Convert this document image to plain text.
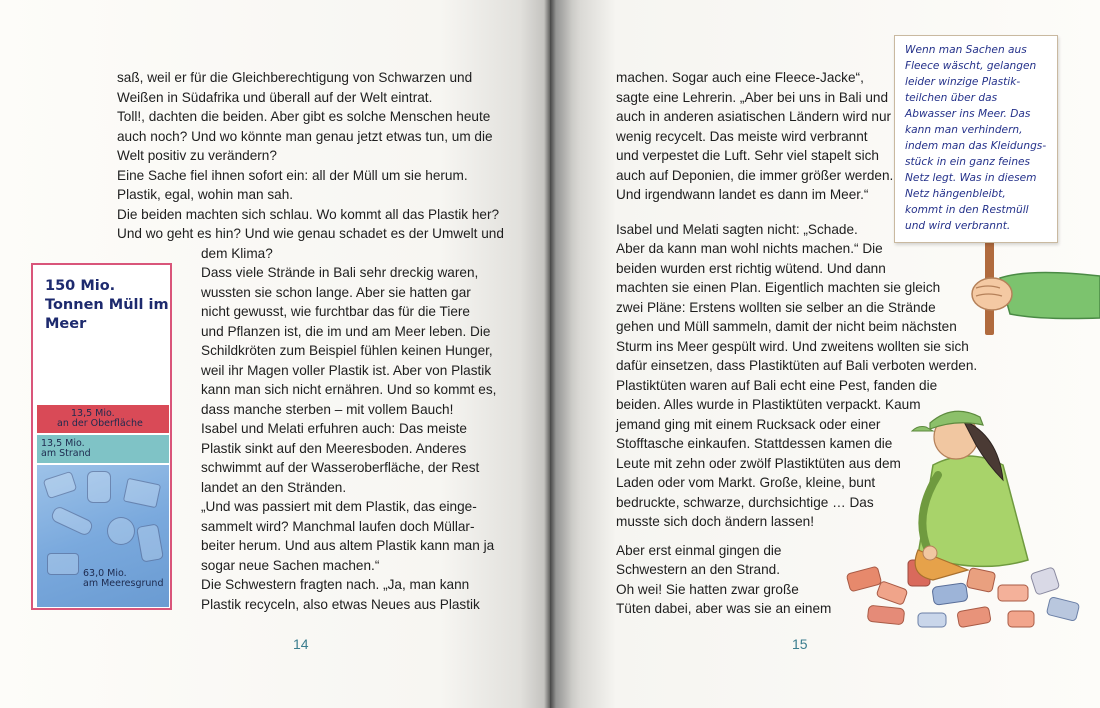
saß, weil er für die Gleichberechtigung von Schwarzen und
Weißen in Südafrika und überall auf der Welt eintrat.
Toll!, dachten die beiden. Aber gibt es solche Menschen heute
auch noch? Und wo könnte man genau jetzt etwas tun, um die
Welt positiv zu verändern?
Eine Sache fiel ihnen sofort ein: all der Müll um sie herum.
Plastik, egal, wohin man sah.
Die beiden machten sich schlau. Wo kommt all das Plastik her?
Und wo geht es hin? Und wie genau schadet es der Umwelt und
dem Klima?
Dass viele Strände in Bali sehr dreckig waren,
wussten sie schon lange. Aber sie hatten gar
nicht gewusst, wie furchtbar das für die Tiere
und Pflanzen ist, die im und am Meer leben. Die
Schildkröten zum Beispiel fühlen keinen Hunger,
weil ihr Magen voller Plastik ist. Aber von Plastik
kann man sich nicht ernähren. Und so kommt es,
dass manche sterben – mit vollem Bauch!
Isabel und Melati erfuhren auch: Das meiste
Plastik sinkt auf den Meeresboden. Anderes
schwimmt auf der Wasseroberfläche, der Rest
landet an den Stränden.
„Und was passiert mit dem Plastik, das einge-
sammelt wird? Manchmal laufen doch Müllar-
beiter herum. Und aus altem Plastik kann man ja
sogar neue Sachen machen.“
Die Schwestern fragten nach. „Ja, man kann
Plastik recyceln, also etwas Neues aus Plastik
14
150 Mio. Tonnen Müll im Meer
13,5 Mio.
an der Oberfläche
13,5 Mio.
am Strand
63,0 Mio.
am Meeresgrund
machen. Sogar auch eine Fleece-Jacke“,
sagte eine Lehrerin. „Aber bei uns in Bali und
auch in anderen asiatischen Ländern wird nur
wenig recycelt. Das meiste wird verbrannt
und verpestet die Luft. Sehr viel stapelt sich
auch auf Deponien, die immer größer werden.
Und irgendwann landet es dann im Meer.“
Isabel und Melati sagten nicht: „Schade.
Aber da kann man wohl nichts machen.“ Die
beiden wurden erst richtig wütend. Und dann
machten sie einen Plan. Eigentlich machten sie gleich
zwei Pläne: Erstens wollten sie selber an die Strände
gehen und Müll sammeln, damit der nicht beim nächsten
Sturm ins Meer gespült wird. Und zweitens wollten sie sich
dafür einsetzen, dass Plastiktüten auf Bali verboten werden.
Plastiktüten waren auf Bali echt eine Pest, fanden die
beiden. Alles wurde in Plastiktüten verpackt. Kaum
jemand ging mit einem Rucksack oder einer
Stofftasche einkaufen. Stattdessen kamen die
Leute mit zehn oder zwölf Plastiktüten aus dem
Laden oder vom Markt. Große, kleine, bunt
bedruckte, schwarze, durchsichtige … Das
musste sich doch ändern lassen!
Aber erst einmal gingen die
Schwestern an den Strand.
Oh wei! Sie hatten zwar große
Tüten dabei, aber was sie an einem
15
Wenn man Sachen aus
Fleece wäscht, gelangen
leider winzige Plastik-
teilchen über das
Abwasser ins Meer. Das
kann man verhindern,
indem man das Kleidungs-
stück in ein ganz feines
Netz legt. Was in diesem
Netz hängenbleibt,
kommt in den Restmüll
und wird verbrannt.
